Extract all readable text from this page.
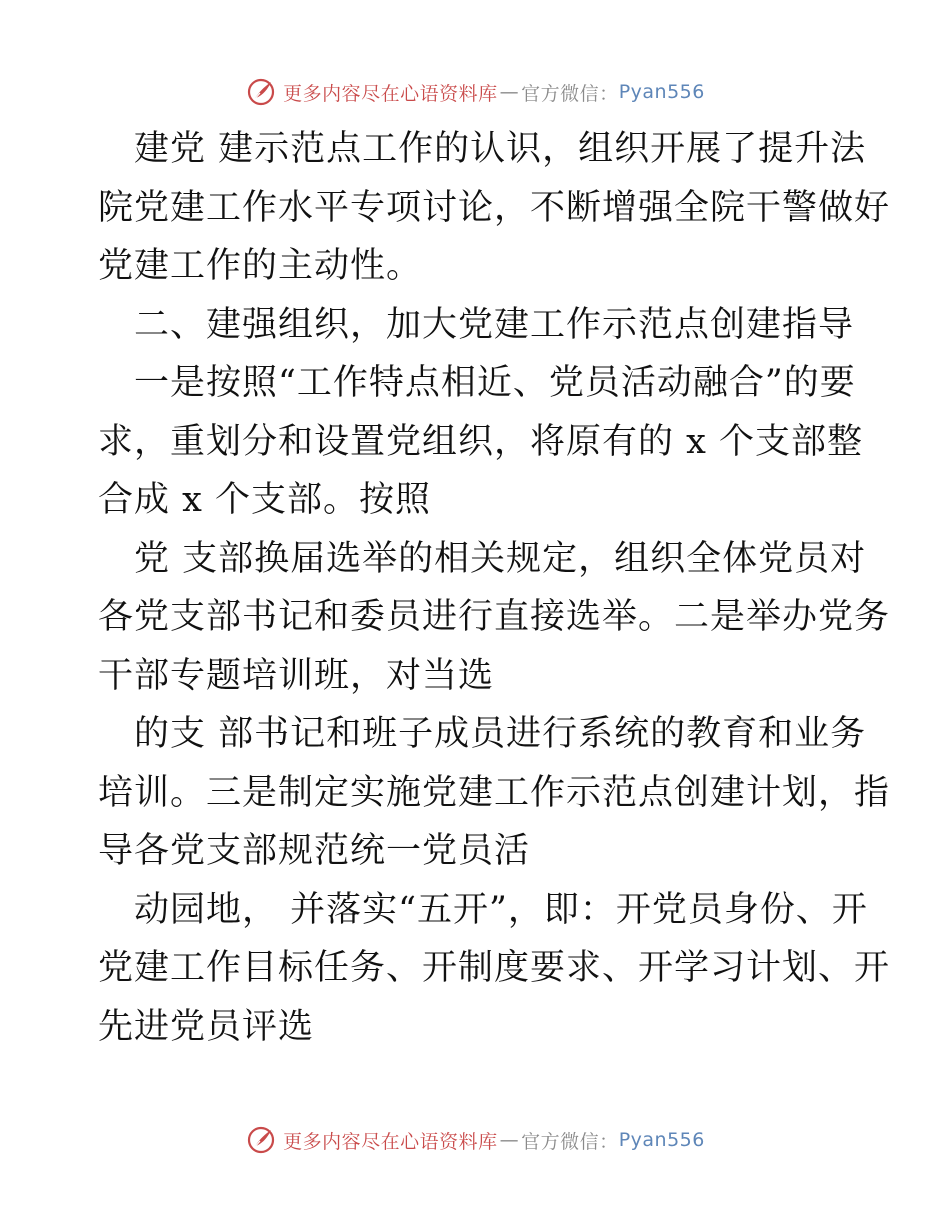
更多内容尽在心语资料库 — 官方微信： Pyan556
　建党 建示范点工作的认识，组织开展了提升法
院党建工作水平专项讨论，不断增强全院干警做好
党建工作的主动性。
　二、建强组织，加大党建工作示范点创建指导
　一是按照“工作特点相近、党员活动融合”的要
求，重划分和设置党组织，将原有的 x 个支部整
合成 x 个支部。按照
　党 支部换届选举的相关规定，组织全体党员对
各党支部书记和委员进行直接选举。二是举办党务
干部专题培训班，对当选
　的支 部书记和班子成员进行系统的教育和业务
培训。三是制定实施党建工作示范点创建计划，指
导各党支部规范统一党员活
　动园地， 并落实“五开”，即：开党员身份、开
党建工作目标任务、开制度要求、开学习计划、开
先进党员评选
更多内容尽在心语资料库 — 官方微信： Pyan556
